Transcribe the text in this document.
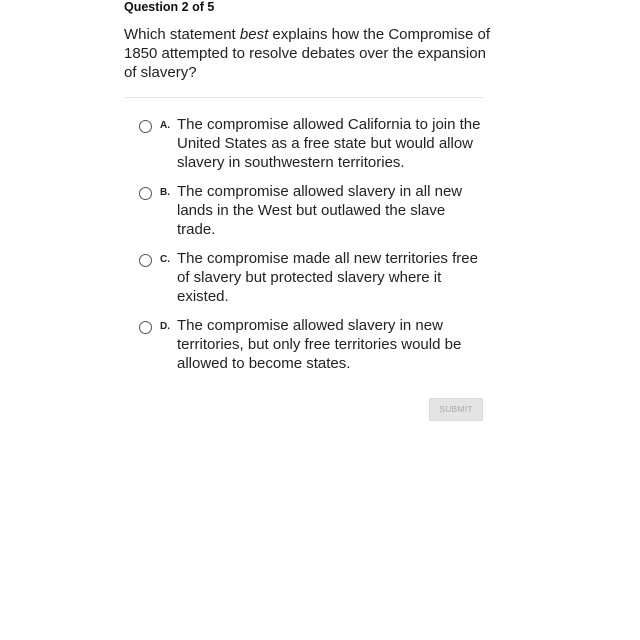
Question 2 of 5
Which statement best explains how the Compromise of 1850 attempted to resolve debates over the expansion of slavery?
A. The compromise allowed California to join the United States as a free state but would allow slavery in southwestern territories.
B. The compromise allowed slavery in all new lands in the West but outlawed the slave trade.
C. The compromise made all new territories free of slavery but protected slavery where it existed.
D. The compromise allowed slavery in new territories, but only free territories would be allowed to become states.
SUBMIT
